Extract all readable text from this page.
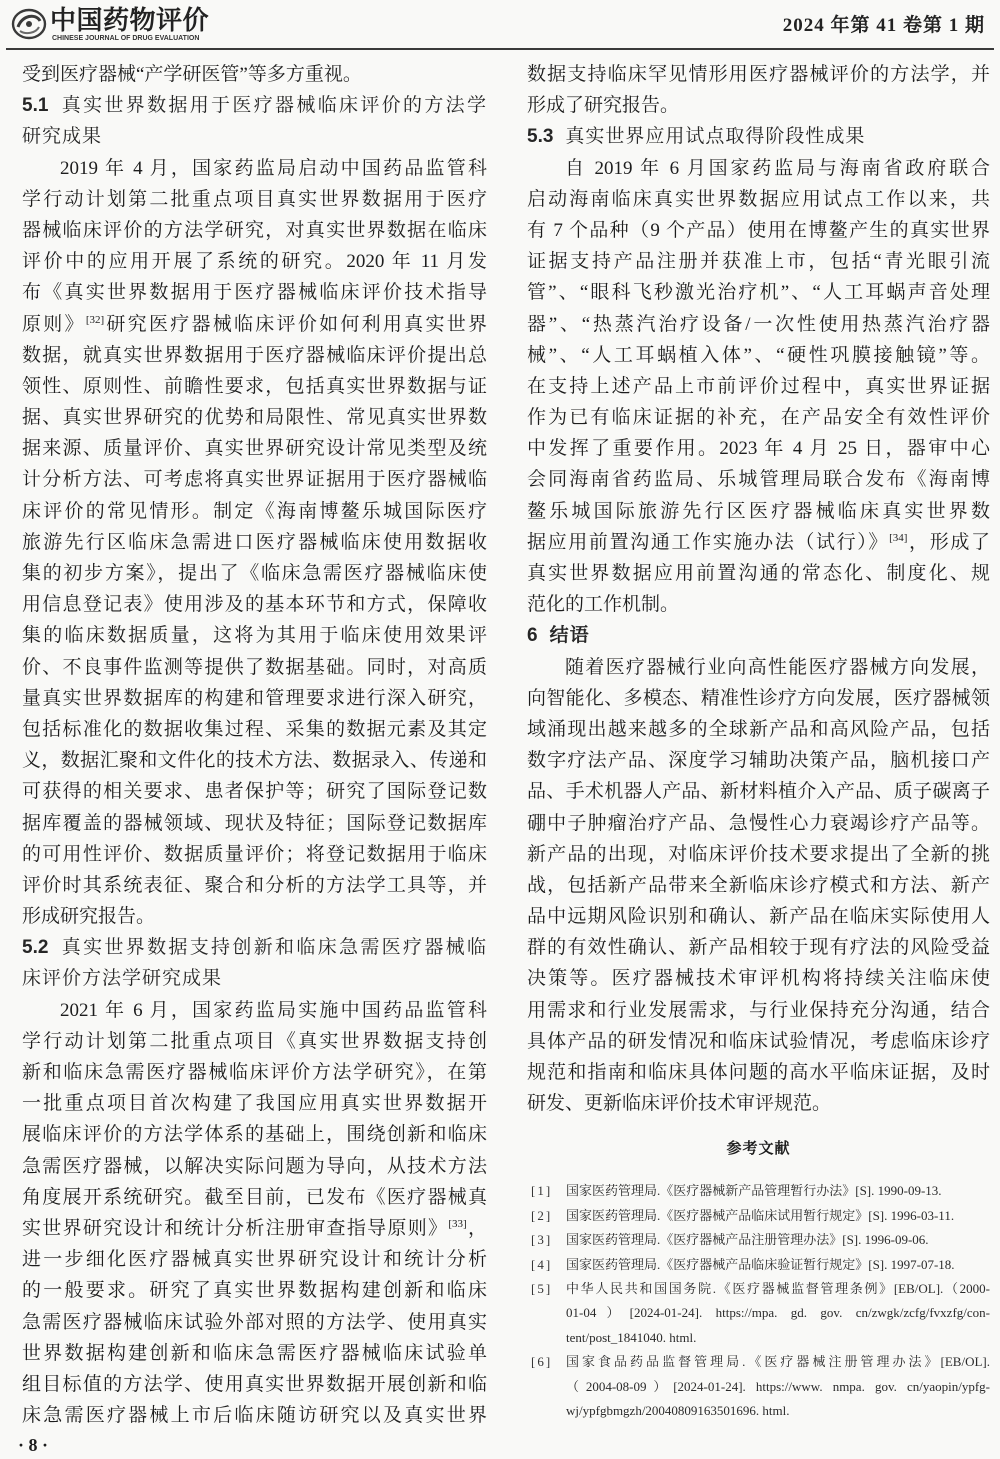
中国药物评价
CHINESE JOURNAL OF DRUG EVALUATION
2024 年第 41 卷第 1 期
受到医疗器械“产学研医管”等多方重视。
5.1 真实世界数据用于医疗器械临床评价的方法学
研究成果
2019 年 4 月，国家药监局启动中国药品监管科
学行动计划第二批重点项目真实世界数据用于医疗
器械临床评价的方法学研究，对真实世界数据在临床
评价中的应用开展了系统的研究。2020 年 11 月发
布《真实世界数据用于医疗器械临床评价技术指导
原则》[32]研究医疗器械临床评价如何利用真实世界
数据，就真实世界数据用于医疗器械临床评价提出总
领性、原则性、前瞻性要求，包括真实世界数据与证
据、真实世界研究的优势和局限性、常见真实世界数
据来源、质量评价、真实世界研究设计常见类型及统
计分析方法、可考虑将真实世界证据用于医疗器械临
床评价的常见情形。制定《海南博鳌乐城国际医疗
旅游先行区临床急需进口医疗器械临床使用数据收
集的初步方案》，提出了《临床急需医疗器械临床使
用信息登记表》使用涉及的基本环节和方式，保障收
集的临床数据质量，这将为其用于临床使用效果评
价、不良事件监测等提供了数据基础。同时，对高质
量真实世界数据库的构建和管理要求进行深入研究，
包括标准化的数据收集过程、采集的数据元素及其定
义，数据汇聚和文件化的技术方法、数据录入、传递和
可获得的相关要求、患者保护等；研究了国际登记数
据库覆盖的器械领域、现状及特征；国际登记数据库
的可用性评价、数据质量评价；将登记数据用于临床
评价时其系统表征、聚合和分析的方法学工具等，并
形成研究报告。
5.2 真实世界数据支持创新和临床急需医疗器械临
床评价方法学研究成果
2021 年 6 月，国家药监局实施中国药品监管科
学行动计划第二批重点项目《真实世界数据支持创
新和临床急需医疗器械临床评价方法学研究》，在第
一批重点项目首次构建了我国应用真实世界数据开
展临床评价的方法学体系的基础上，围绕创新和临床
急需医疗器械，以解决实际问题为导向，从技术方法
角度展开系统研究。截至目前，已发布《医疗器械真
实世界研究设计和统计分析注册审查指导原则》[33]，
进一步细化医疗器械真实世界研究设计和统计分析
的一般要求。研究了真实世界数据构建创新和临床
急需医疗器械临床试验外部对照的方法学、使用真实
世界数据构建创新和临床急需医疗器械临床试验单
组目标值的方法学、使用真实世界数据开展创新和临
床急需医疗器械上市后临床随访研究以及真实世界
数据支持临床罕见情形用医疗器械评价的方法学，并
形成了研究报告。
5.3 真实世界应用试点取得阶段性成果
自 2019 年 6 月国家药监局与海南省政府联合
启动海南临床真实世界数据应用试点工作以来，共
有 7 个品种（9 个产品）使用在博鳌产生的真实世界
证据支持产品注册并获准上市，包括“青光眼引流
管”、“眼科飞秒激光治疗机”、“人工耳蜗声音处理
器”、“热蒸汽治疗设备/一次性使用热蒸汽治疗器
械”、“人工耳蜗植入体”、“硬性巩膜接触镜”等。
在支持上述产品上市前评价过程中，真实世界证据
作为已有临床证据的补充，在产品安全有效性评价
中发挥了重要作用。2023 年 4 月 25 日，器审中心
会同海南省药监局、乐城管理局联合发布《海南博
鳌乐城国际旅游先行区医疗器械临床真实世界数
据应用前置沟通工作实施办法（试行）》[34]，形成了
真实世界数据应用前置沟通的常态化、制度化、规
范化的工作机制。
6 结语
随着医疗器械行业向高性能医疗器械方向发展，
向智能化、多模态、精准性诊疗方向发展，医疗器械领
域涌现出越来越多的全球新产品和高风险产品，包括
数字疗法产品、深度学习辅助决策产品，脑机接口产
品、手术机器人产品、新材料植介入产品、质子碳离子
硼中子肿瘤治疗产品、急慢性心力衰竭诊疗产品等。
新产品的出现，对临床评价技术要求提出了全新的挑
战，包括新产品带来全新临床诊疗模式和方法、新产
品中远期风险识别和确认、新产品在临床实际使用人
群的有效性确认、新产品相较于现有疗法的风险受益
决策等。医疗器械技术审评机构将持续关注临床使
用需求和行业发展需求，与行业保持充分沟通，结合
具体产品的研发情况和临床试验情况，考虑临床诊疗
规范和指南和临床具体问题的高水平临床证据，及时
研发、更新临床评价技术审评规范。
参考文献
[1]	国家医药管理局.《医疗器械新产品管理暂行办法》[S]. 1990-09-13.
[2]	国家医药管理局.《医疗器械产品临床试用暂行规定》[S]. 1996-03-11.
[3]	国家医药管理局.《医疗器械产品注册管理办法》[S]. 1996-09-06.
[4]	国家医药管理局.《医疗器械产品临床验证暂行规定》[S]. 1997-07-18.
[5]	中华人民共和国国务院.《医疗器械监督管理条例》[EB/OL].（2000-
01-04）[2024-01-24]. https://mpa. gd. gov. cn/zwgk/zcfg/fvxzfg/con-
tent/post_1841040. html.
[6]	国家食品药品监督管理局.《医疗器械注册管理办法》[EB/OL].
（2004-08-09）[2024-01-24]. https://www. nmpa. gov. cn/yaopin/ypfg-
wj/ypfgbmgzh/20040809163501696. html.
· 8 ·
